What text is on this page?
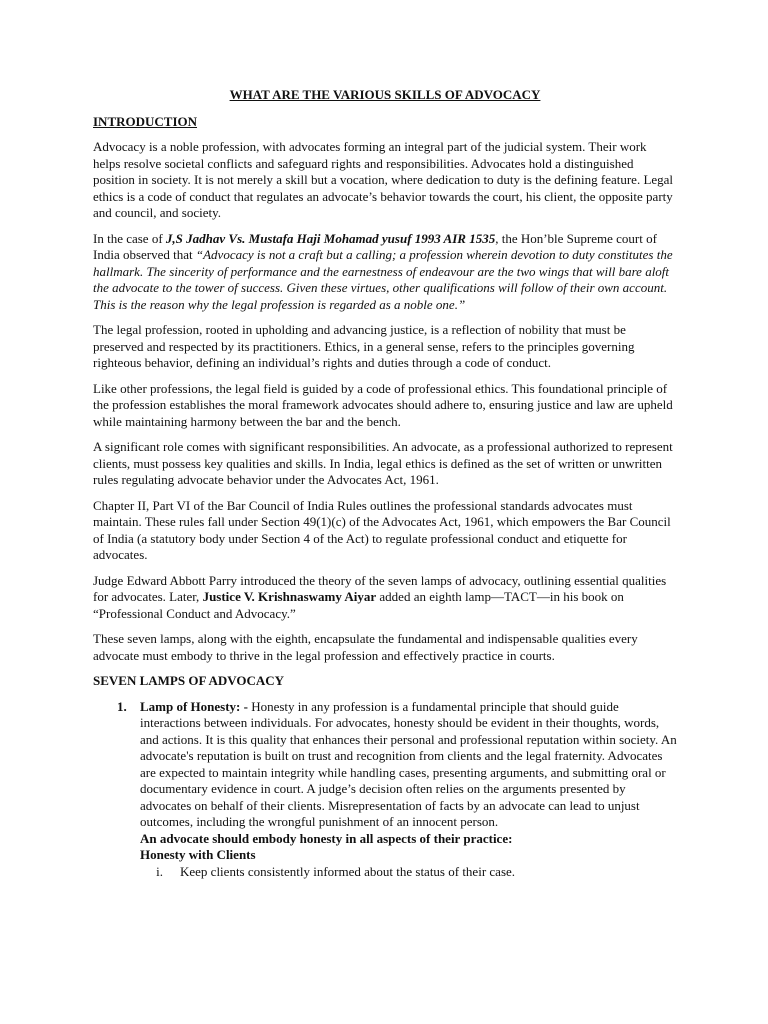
WHAT ARE THE VARIOUS SKILLS OF ADVOCACY
INTRODUCTION

Advocacy is a noble profession, with advocates forming an integral part of the judicial system. Their work helps resolve societal conflicts and safeguard rights and responsibilities. Advocates hold a distinguished position in society. It is not merely a skill but a vocation, where dedication to duty is the defining feature. Legal ethics is a code of conduct that regulates an advocate’s behavior towards the court, his client, the opposite party and council, and society.

In the case of J,S Jadhav Vs. Mustafa Haji Mohamad yusuf 1993 AIR 1535, the Hon’ble Supreme court of India observed that “Advocacy is not a craft but a calling; a profession wherein devotion to duty constitutes the hallmark. The sincerity of performance and the earnestness of endeavour are the two wings that will bare aloft the advocate to the tower of success. Given these virtues, other qualifications will follow of their own account. This is the reason why the legal profession is regarded as a noble one.”

The legal profession, rooted in upholding and advancing justice, is a reflection of nobility that must be preserved and respected by its practitioners. Ethics, in a general sense, refers to the principles governing righteous behavior, defining an individual’s rights and duties through a code of conduct.

Like other professions, the legal field is guided by a code of professional ethics. This foundational principle of the profession establishes the moral framework advocates should adhere to, ensuring justice and law are upheld while maintaining harmony between the bar and the bench.

A significant role comes with significant responsibilities. An advocate, as a professional authorized to represent clients, must possess key qualities and skills. In India, legal ethics is defined as the set of written or unwritten rules regulating advocate behavior under the Advocates Act, 1961.

Chapter II, Part VI of the Bar Council of India Rules outlines the professional standards advocates must maintain. These rules fall under Section 49(1)(c) of the Advocates Act, 1961, which empowers the Bar Council of India (a statutory body under Section 4 of the Act) to regulate professional conduct and etiquette for advocates.

Judge Edward Abbott Parry introduced the theory of the seven lamps of advocacy, outlining essential qualities for advocates. Later, Justice V. Krishnaswamy Aiyar added an eighth lamp—TACT—in his book on “Professional Conduct and Advocacy.”

These seven lamps, along with the eighth, encapsulate the fundamental and indispensable qualities every advocate must embody to thrive in the legal profession and effectively practice in courts.

SEVEN LAMPS OF ADVOCACY
1.	Lamp of Honesty: - Honesty in any profession is a fundamental principle that should guide interactions between individuals. For advocates, honesty should be evident in their thoughts, words, and actions. It is this quality that enhances their personal and professional reputation within society. An advocate's reputation is built on trust and recognition from clients and the legal fraternity. Advocates are expected to maintain integrity while handling cases, presenting arguments, and submitting oral or documentary evidence in court. A judge’s decision often relies on the arguments presented by advocates on behalf of their clients. Misrepresentation of facts by an advocate can lead to unjust outcomes, including the wrongful punishment of an innocent person.
An advocate should embody honesty in all aspects of their practice:
Honesty with Clients
i.	Keep clients consistently informed about the status of their case.
